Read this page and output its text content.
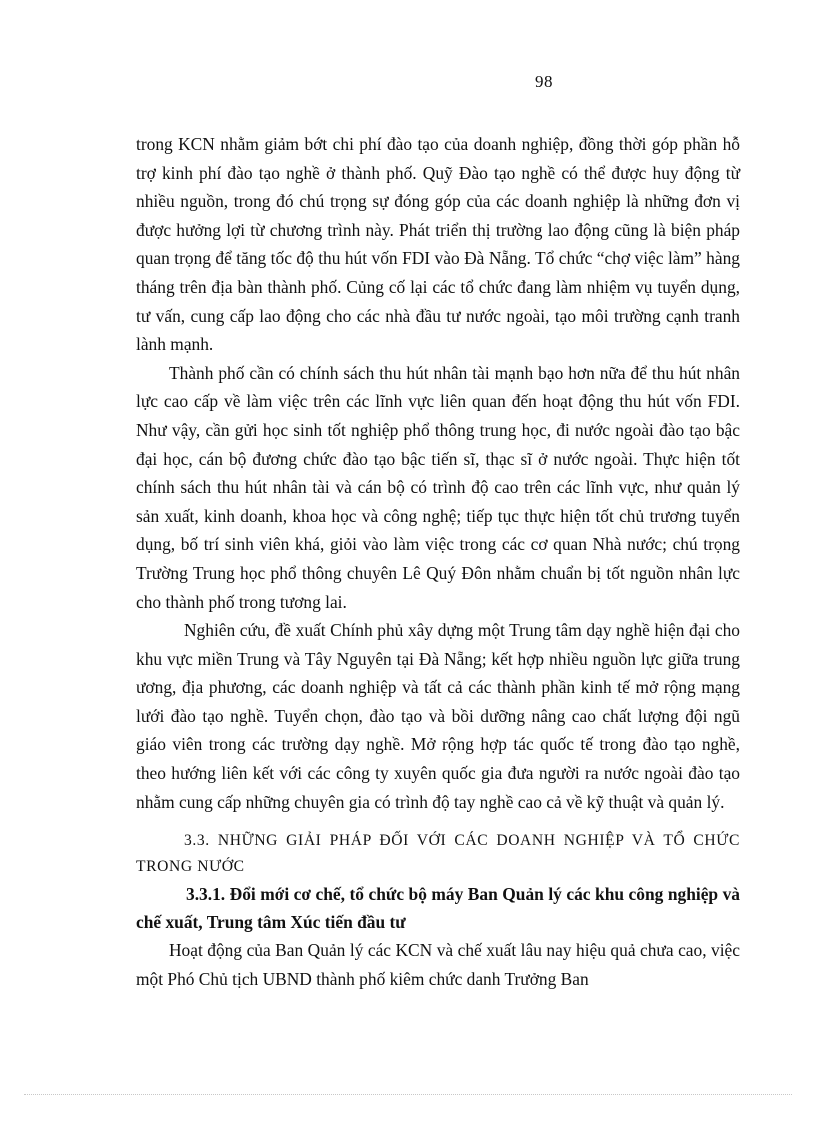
98

trong KCN nhằm giảm bớt chi phí đào tạo của doanh nghiệp, đồng thời góp phần hỗ trợ kinh phí đào tạo nghề ở thành phố. Quỹ Đào tạo nghề có thể được huy động từ nhiều nguồn, trong đó chú trọng sự đóng góp của các doanh nghiệp là những đơn vị được hưởng lợi từ chương trình này. Phát triển thị trường lao động cũng là biện pháp quan trọng để tăng tốc độ thu hút vốn FDI vào Đà Nẵng. Tổ chức “chợ việc làm” hàng tháng trên địa bàn thành phố. Củng cố lại các tổ chức đang làm nhiệm vụ tuyển dụng, tư vấn, cung cấp lao động cho các nhà đầu tư nước ngoài, tạo môi trường cạnh tranh lành mạnh.

Thành phố cần có chính sách thu hút nhân tài mạnh bạo hơn nữa để thu hút nhân lực cao cấp về làm việc trên các lĩnh vực liên quan đến hoạt động thu hút vốn FDI. Như vậy, cần gửi học sinh tốt nghiệp phổ thông trung học, đi nước ngoài đào tạo bậc đại học, cán bộ đương chức đào tạo bậc tiến sĩ, thạc sĩ ở nước ngoài. Thực hiện tốt chính sách thu hút nhân tài và cán bộ có trình độ cao trên các lĩnh vực, như quản lý sản xuất, kinh doanh, khoa học và công nghệ; tiếp tục thực hiện tốt chủ trương tuyển dụng, bố trí sinh viên khá, giỏi vào làm việc trong các cơ quan Nhà nước; chú trọng Trường Trung học phổ thông chuyên Lê Quý Đôn nhằm chuẩn bị tốt nguồn nhân lực cho thành phố trong tương lai.

Nghiên cứu, đề xuất Chính phủ xây dựng một Trung tâm dạy nghề hiện đại cho khu vực miền Trung và Tây Nguyên tại Đà Nẵng; kết hợp nhiều nguồn lực giữa trung ương, địa phương, các doanh nghiệp và tất cả các thành phần kinh tế mở rộng mạng lưới đào tạo nghề. Tuyển chọn, đào tạo và bồi dưỡng nâng cao chất lượng đội ngũ giáo viên trong các trường dạy nghề. Mở rộng hợp tác quốc tế trong đào tạo nghề, theo hướng liên kết với các công ty xuyên quốc gia đưa người ra nước ngoài đào tạo nhằm cung cấp những chuyên gia có trình độ tay nghề cao cả về kỹ thuật và quản lý.

3.3. NHỮNG GIẢI PHÁP ĐỐI VỚI CÁC DOANH NGHIỆP VÀ TỔ CHỨC TRONG NƯỚC

3.3.1. Đổi mới cơ chế, tổ chức bộ máy Ban Quản lý các khu công nghiệp và chế xuất, Trung tâm Xúc tiến đầu tư

Hoạt động của Ban Quản lý các KCN và chế xuất lâu nay hiệu quả chưa cao, việc một Phó Chủ tịch UBND thành phố kiêm chức danh Trưởng Ban
